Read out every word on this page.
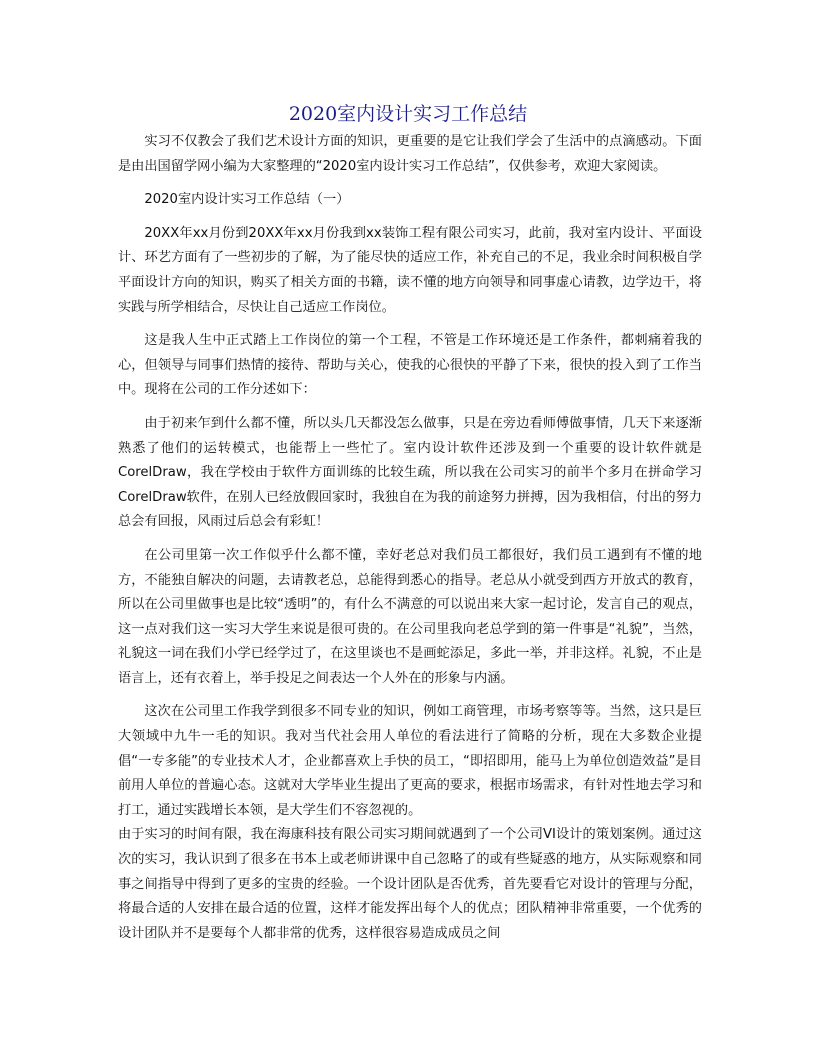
2020室内设计实习工作总结

实习不仅教会了我们艺术设计方面的知识，更重要的是它让我们学会了生活中的点滴感动。下面是由出国留学网小编为大家整理的“2020室内设计实习工作总结”，仅供参考，欢迎大家阅读。

2020室内设计实习工作总结（一）

20XX年xx月份到20XX年xx月份我到xx装饰工程有限公司实习，此前，我对室内设计、平面设计、环艺方面有了一些初步的了解，为了能尽快的适应工作，补充自己的不足，我业余时间积极自学平面设计方向的知识，购买了相关方面的书籍，读不懂的地方向领导和同事虚心请教，边学边干，将实践与所学相结合，尽快让自己适应工作岗位。

这是我人生中正式踏上工作岗位的第一个工程，不管是工作环境还是工作条件，都刺痛着我的心，但领导与同事们热情的接待、帮助与关心，使我的心很快的平静了下来，很快的投入到了工作当中。现将在公司的工作分述如下：

由于初来乍到什么都不懂，所以头几天都没怎么做事，只是在旁边看师傅做事情，几天下来逐渐熟悉了他们的运转模式，也能帮上一些忙了。室内设计软件还涉及到一个重要的设计软件就是CorelDraw，我在学校由于软件方面训练的比较生疏，所以我在公司实习的前半个多月在拼命学习CorelDraw软件，在别人已经放假回家时，我独自在为我的前途努力拼搏，因为我相信，付出的努力总会有回报，风雨过后总会有彩虹！

在公司里第一次工作似乎什么都不懂，幸好老总对我们员工都很好，我们员工遇到有不懂的地方，不能独自解决的问题，去请教老总，总能得到悉心的指导。老总从小就受到西方开放式的教育，所以在公司里做事也是比较“透明”的，有什么不满意的可以说出来大家一起讨论，发言自己的观点，这一点对我们这一实习大学生来说是很可贵的。在公司里我向老总学到的第一件事是“礼貌”，当然，礼貌这一词在我们小学已经学过了，在这里谈也不是画蛇添足，多此一举，并非这样。礼貌，不止是语言上，还有衣着上，举手投足之间表达一个人外在的形象与内涵。

这次在公司里工作我学到很多不同专业的知识，例如工商管理，市场考察等等。当然，这只是巨大领域中九牛一毛的知识。我对当代社会用人单位的看法进行了简略的分析，现在大多数企业提倡“一专多能”的专业技术人才，企业都喜欢上手快的员工，“即招即用，能马上为单位创造效益”是目前用人单位的普遍心态。这就对大学毕业生提出了更高的要求，根据市场需求，有针对性地去学习和打工，通过实践增长本领，是大学生们不容忽视的。

由于实习的时间有限，我在海康科技有限公司实习期间就遇到了一个公司VI设计的策划案例。通过这次的实习，我认识到了很多在书本上或老师讲课中自己忽略了的或有些疑惑的地方，从实际观察和同事之间指导中得到了更多的宝贵的经验。一个设计团队是否优秀，首先要看它对设计的管理与分配，将最合适的人安排在最合适的位置，这样才能发挥出每个人的优点；团队精神非常重要，一个优秀的设计团队并不是要每个人都非常的优秀，这样很容易造成成员之间
